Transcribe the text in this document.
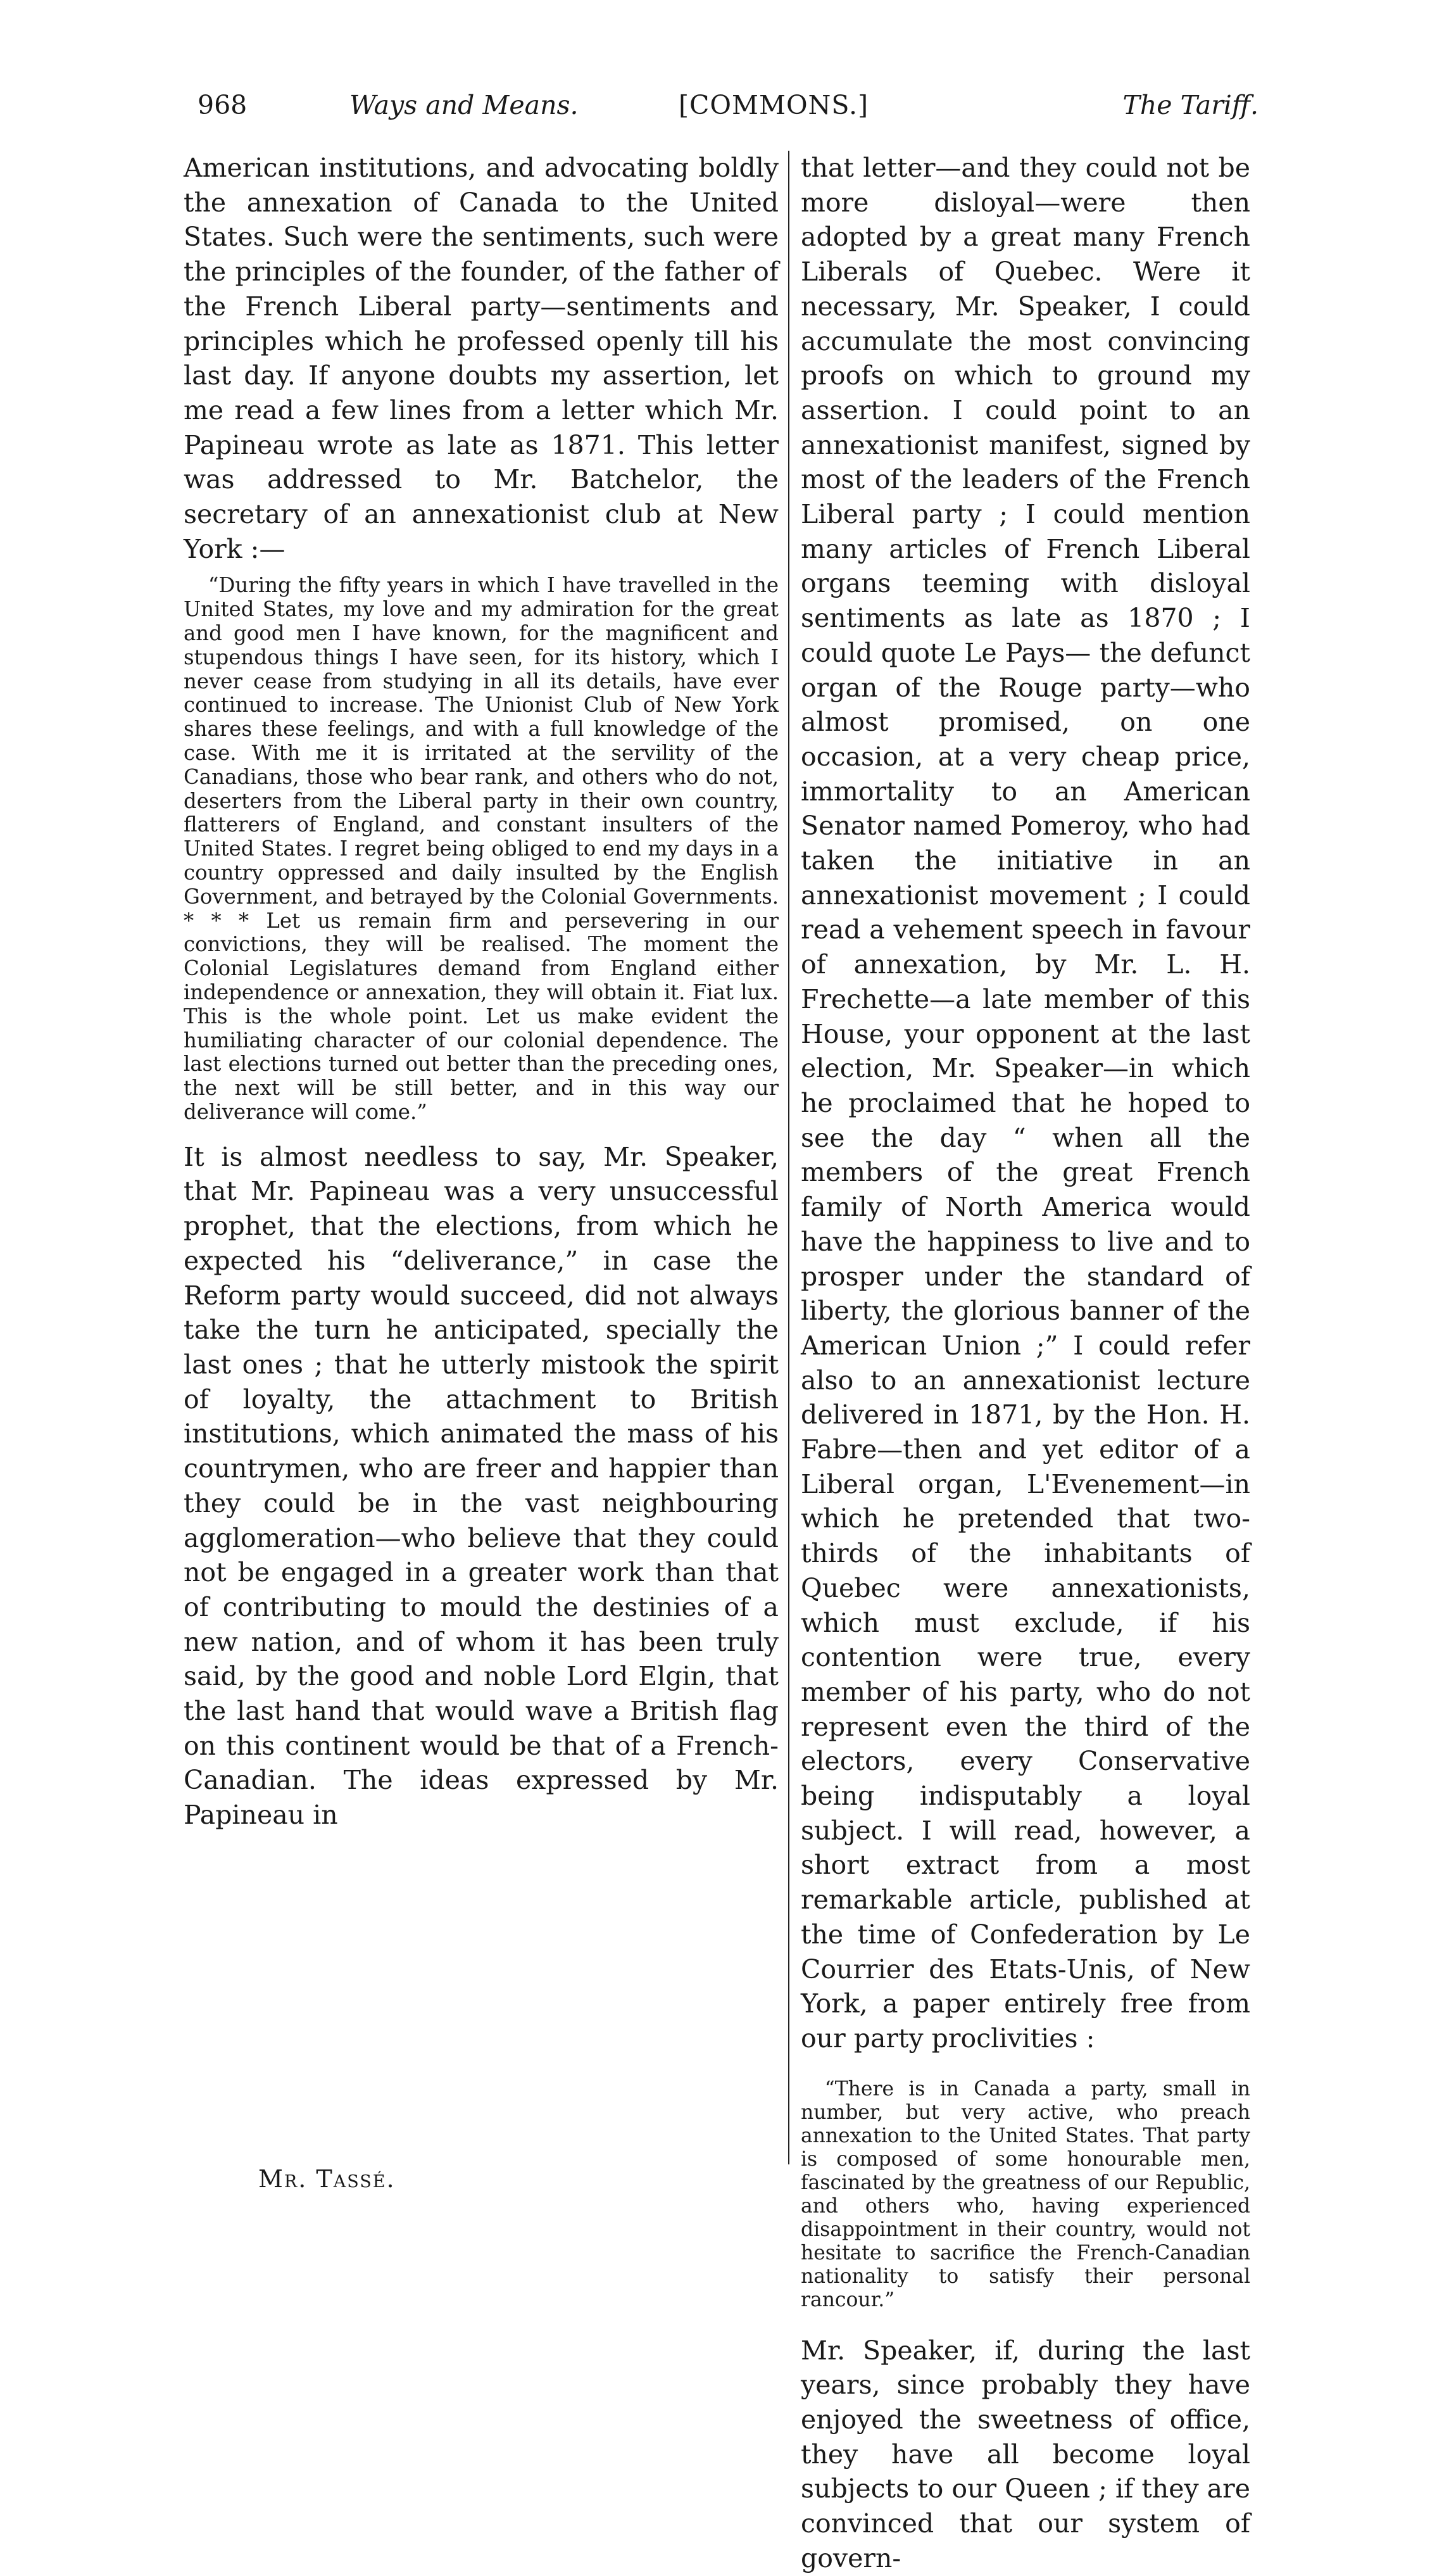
968	Ways and Means.	[COMMONS.]	The Tariff.

American institutions, and advocating boldly the annexation of Canada to the United States. Such were the sentiments, such were the principles of the founder, of the father of the French Liberal party—sentiments and principles which he professed openly till his last day. If anyone doubts my assertion, let me read a few lines from a letter which Mr. Papineau wrote as late as 1871. This letter was addressed to Mr. Batchelor, the secretary of an annexationist club at New York :—

“During the fifty years in which I have travelled in the United States, my love and my admiration for the great and good men I have known, for the magnificent and stupendous things I have seen, for its history, which I never cease from studying in all its details, have ever continued to increase. The Unionist Club of New York shares these feelings, and with a full knowledge of the case. With me it is irritated at the servility of the Canadians, those who bear rank, and others who do not, deserters from the Liberal party in their own country, flatterers of England, and constant insulters of the United States. I regret being obliged to end my days in a country oppressed and daily insulted by the English Government, and betrayed by the Colonial Governments. * * * Let us remain firm and persevering in our convictions, they will be realised. The moment the Colonial Legislatures demand from England either independence or annexation, they will obtain it. Fiat lux. This is the whole point. Let us make evident the humiliating character of our colonial dependence. The last elections turned out better than the preceding ones, the next will be still better, and in this way our deliverance will come.”

It is almost needless to say, Mr. Speaker, that Mr. Papineau was a very unsuccessful prophet, that the elections, from which he expected his “deliverance,” in case the Reform party would succeed, did not always take the turn he anticipated, specially the last ones ; that he utterly mistook the spirit of loyalty, the attachment to British institutions, which animated the mass of his countrymen, who are freer and happier than they could be in the vast neighbouring agglomeration—who believe that they could not be engaged in a greater work than that of contributing to mould the destinies of a new nation, and of whom it has been truly said, by the good and noble Lord Elgin, that the last hand that would wave a British flag on this continent would be that of a French-Canadian. The ideas expressed by Mr. Papineau in

that letter—and they could not be more disloyal—were then adopted by a great many French Liberals of Quebec. Were it necessary, Mr. Speaker, I could accumulate the most convincing proofs on which to ground my assertion. I could point to an annexationist manifest, signed by most of the leaders of the French Liberal party ; I could mention many articles of French Liberal organs teeming with disloyal sentiments as late as 1870 ; I could quote Le Pays— the defunct organ of the Rouge party—who almost promised, on one occasion, at a very cheap price, immortality to an American Senator named Pomeroy, who had taken the initiative in an annexationist movement ; I could read a vehement speech in favour of annexation, by Mr. L. H. Frechette—a late member of this House, your opponent at the last election, Mr. Speaker—in which he proclaimed that he hoped to see the day “ when all the members of the great French family of North America would have the happiness to live and to prosper under the standard of liberty, the glorious banner of the American Union ;” I could refer also to an annexationist lecture delivered in 1871, by the Hon. H. Fabre—then and yet editor of a Liberal organ, L'Evenement—in which he pretended that two-thirds of the inhabitants of Quebec were annexationists, which must exclude, if his contention were true, every member of his party, who do not represent even the third of the electors, every Conservative being indisputably a loyal subject. I will read, however, a short extract from a most remarkable article, published at the time of Confederation by Le Courrier des Etats-Unis, of New York, a paper entirely free from our party proclivities :

“There is in Canada a party, small in number, but very active, who preach annexation to the United States. That party is composed of some honourable men, fascinated by the greatness of our Republic, and others who, having experienced disappointment in their country, would not hesitate to sacrifice the French-Canadian nationality to satisfy their personal rancour.”

Mr. Speaker, if, during the last years, since probably they have enjoyed the sweetness of office, they have all become loyal subjects to our Queen ; if they are convinced that our system of govern-

Mr. Tassé.
